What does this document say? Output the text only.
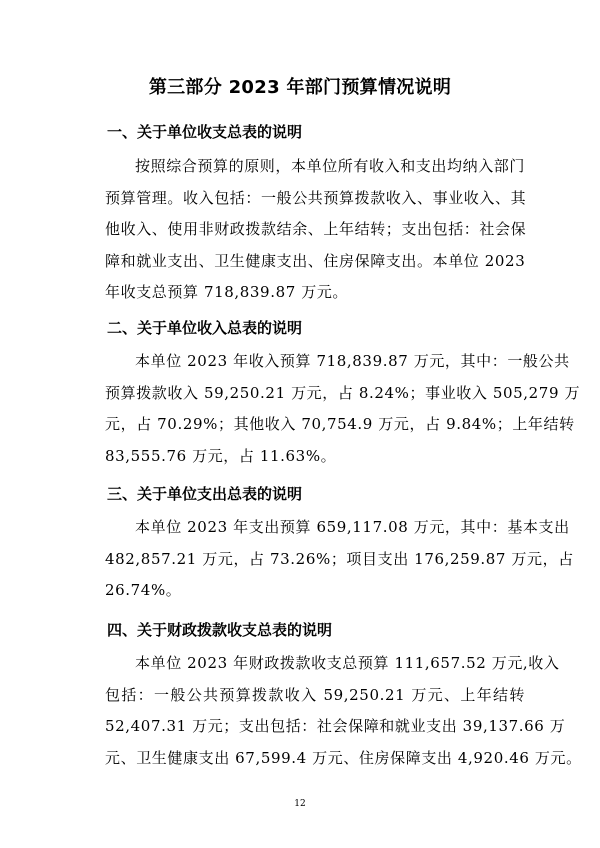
第三部分 2023 年部门预算情况说明
一、关于单位收支总表的说明
按照综合预算的原则，本单位所有收入和支出均纳入部门
预算管理。收入包括：一般公共预算拨款收入、事业收入、其
他收入、使用非财政拨款结余、上年结转；支出包括：社会保
障和就业支出、卫生健康支出、住房保障支出。本单位 2023
年收支总预算 718,839.87 万元。
二、关于单位收入总表的说明
本单位 2023 年收入预算 718,839.87 万元，其中：一般公共
预算拨款收入 59,250.21 万元，占 8.24%；事业收入 505,279 万
元，占 70.29%；其他收入 70,754.9 万元，占 9.84%；上年结转
83,555.76 万元，占 11.63%。
三、关于单位支出总表的说明
本单位 2023 年支出预算 659,117.08 万元，其中：基本支出
482,857.21 万元，占 73.26%；项目支出 176,259.87 万元，占
26.74%。
四、关于财政拨款收支总表的说明
本单位 2023 年财政拨款收支总预算 111,657.52 万元,收入
包括：一般公共预算拨款收入 59,250.21 万元、上年结转
52,407.31 万元；支出包括：社会保障和就业支出 39,137.66 万
元、卫生健康支出 67,599.4 万元、住房保障支出 4,920.46 万元。
12
